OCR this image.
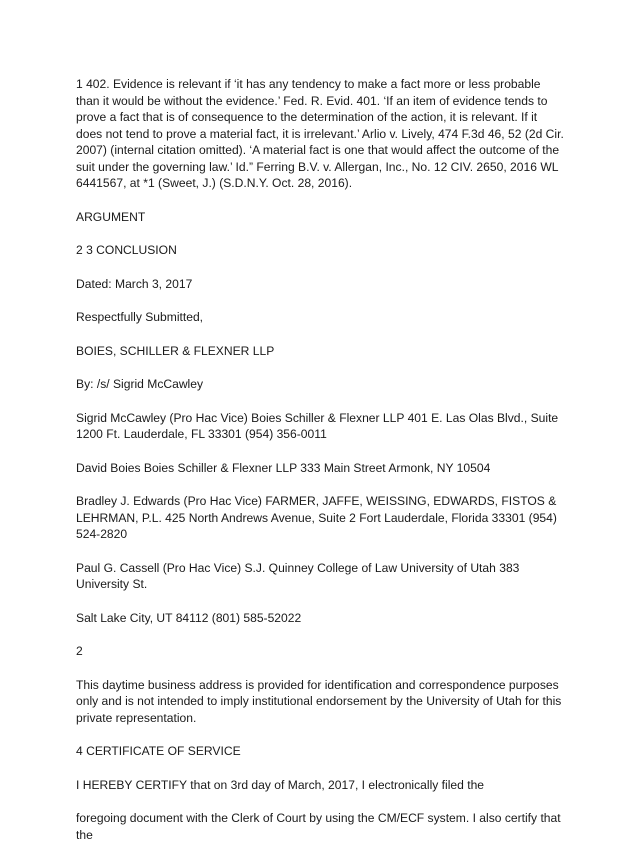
1 402. Evidence is relevant if ‘it has any tendency to make a fact more or less probable than it would be without the evidence.’ Fed. R. Evid. 401. ‘If an item of evidence tends to prove a fact that is of consequence to the determination of the action, it is relevant. If it does not tend to prove a material fact, it is irrelevant.’ Arlio v. Lively, 474 F.3d 46, 52 (2d Cir. 2007) (internal citation omitted). ‘A material fact is one that would affect the outcome of the suit under the governing law.’ Id.” Ferring B.V. v. Allergan, Inc., No. 12 CIV. 2650, 2016 WL 6441567, at *1 (Sweet, J.) (S.D.N.Y. Oct. 28, 2016).

ARGUMENT

2 3 CONCLUSION

Dated: March 3, 2017

Respectfully Submitted,

BOIES, SCHILLER & FLEXNER LLP

By: /s/ Sigrid McCawley

Sigrid McCawley (Pro Hac Vice) Boies Schiller & Flexner LLP 401 E. Las Olas Blvd., Suite 1200 Ft. Lauderdale, FL 33301 (954) 356-0011

David Boies Boies Schiller & Flexner LLP 333 Main Street Armonk, NY 10504

Bradley J. Edwards (Pro Hac Vice) FARMER, JAFFE, WEISSING, EDWARDS, FISTOS & LEHRMAN, P.L. 425 North Andrews Avenue, Suite 2 Fort Lauderdale, Florida 33301 (954) 524-2820

Paul G. Cassell (Pro Hac Vice) S.J. Quinney College of Law University of Utah 383 University St.

Salt Lake City, UT 84112 (801) 585-52022

2

This daytime business address is provided for identification and correspondence purposes only and is not intended to imply institutional endorsement by the University of Utah for this private representation.

4 CERTIFICATE OF SERVICE

I HEREBY CERTIFY that on 3rd day of March, 2017, I electronically filed the

foregoing document with the Clerk of Court by using the CM/ECF system. I also certify that the
